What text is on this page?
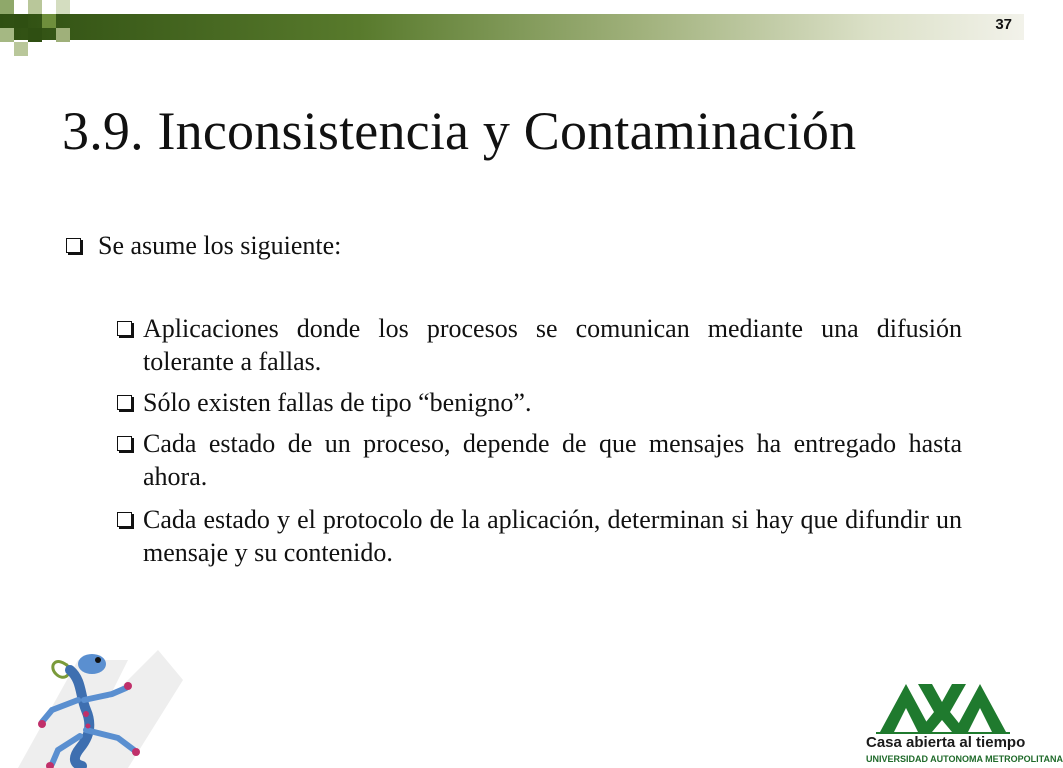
37
3.9. Inconsistencia y Contaminación
Se asume los siguiente:
Aplicaciones donde los procesos se comunican mediante una difusión tolerante a fallas.
Sólo existen fallas de tipo “benigno”.
Cada estado de un proceso, depende de que mensajes ha entregado hasta ahora.
Cada estado y el protocolo de la aplicación, determinan si hay que difundir un mensaje y su contenido.
Casa abierta al tiempo
UNIVERSIDAD AUTONOMA METROPOLITANA
